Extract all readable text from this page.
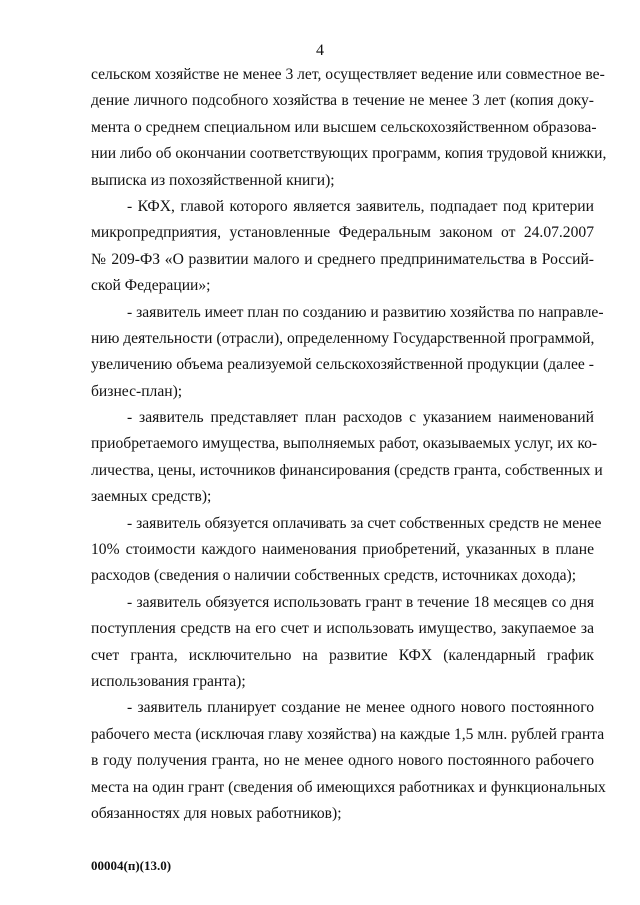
4
сельском хозяйстве не менее 3 лет, осуществляет ведение или совместное ве-
дение личного подсобного хозяйства в течение не менее 3 лет (копия доку-
мента о среднем специальном или высшем сельскохозяйственном образова-
нии либо об окончании соответствующих программ, копия трудовой книжки,
выписка из похозяйственной книги);
- КФХ, главой которого является заявитель, подпадает под критерии
микропредприятия, установленные Федеральным законом от 24.07.2007
№ 209-ФЗ «О развитии малого и среднего предпринимательства в Россий-
ской Федерации»;
- заявитель имеет план по созданию и развитию хозяйства по направле-
нию деятельности (отрасли), определенному Государственной программой,
увеличению объема реализуемой сельскохозяйственной продукции (далее -
бизнес-план);
- заявитель представляет план расходов с указанием наименований
приобретаемого имущества, выполняемых работ, оказываемых услуг, их ко-
личества, цены, источников финансирования (средств гранта, собственных и
заемных средств);
- заявитель обязуется оплачивать за счет собственных средств не менее
10% стоимости каждого наименования приобретений, указанных в плане
расходов (сведения о наличии собственных средств, источниках дохода);
- заявитель обязуется использовать грант в течение 18 месяцев со дня
поступления средств на его счет и использовать имущество, закупаемое за
счет гранта, исключительно на развитие КФХ (календарный график
использования гранта);
- заявитель планирует создание не менее одного нового постоянного
рабочего места (исключая главу хозяйства) на каждые 1,5 млн. рублей гранта
в году получения гранта, но не менее одного нового постоянного рабочего
места на один грант (сведения об имеющихся работниках и функциональных
обязанностях для новых работников);
00004(п)(13.0)
